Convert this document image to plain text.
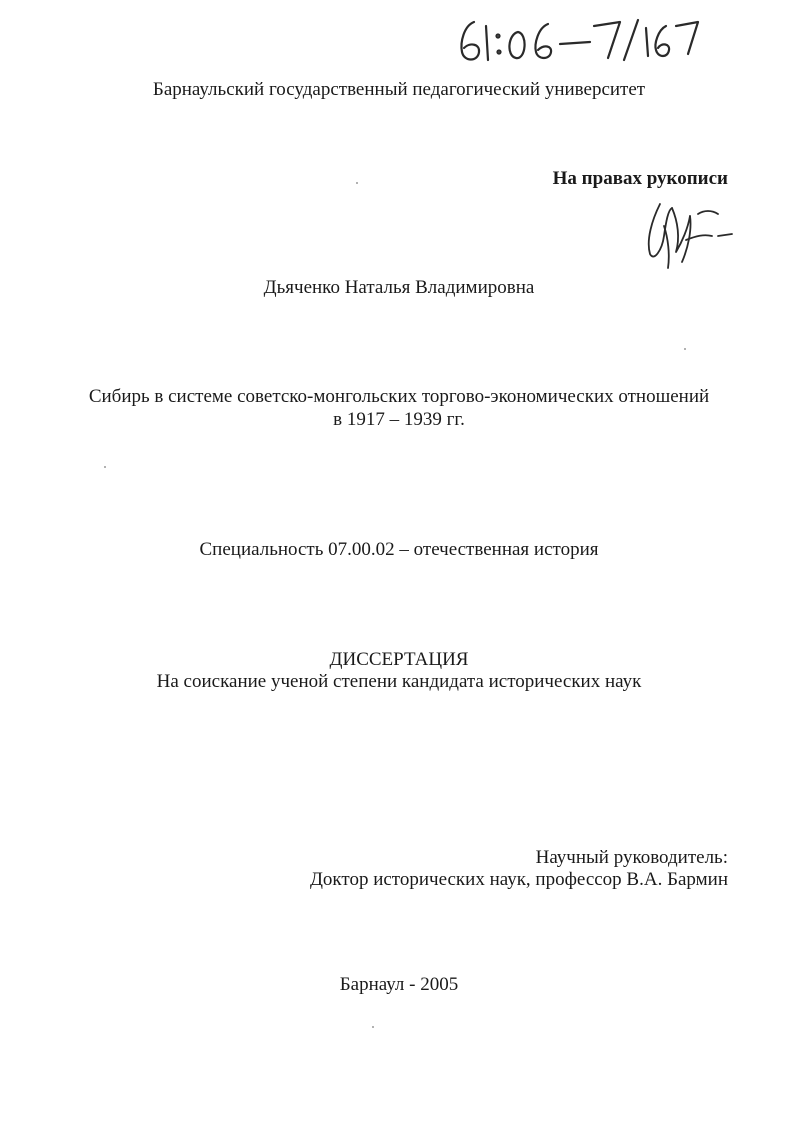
Барнаульский государственный педагогический университет
На правах рукописи
Дьяченко Наталья Владимировна
Сибирь в системе советско-монгольских торгово-экономических отношений
в 1917 – 1939 гг.
Специальность 07.00.02 – отечественная история
ДИССЕРТАЦИЯ
На соискание ученой степени кандидата исторических наук
Научный руководитель:
Доктор исторических наук, профессор В.А. Бармин
Барнаул - 2005
